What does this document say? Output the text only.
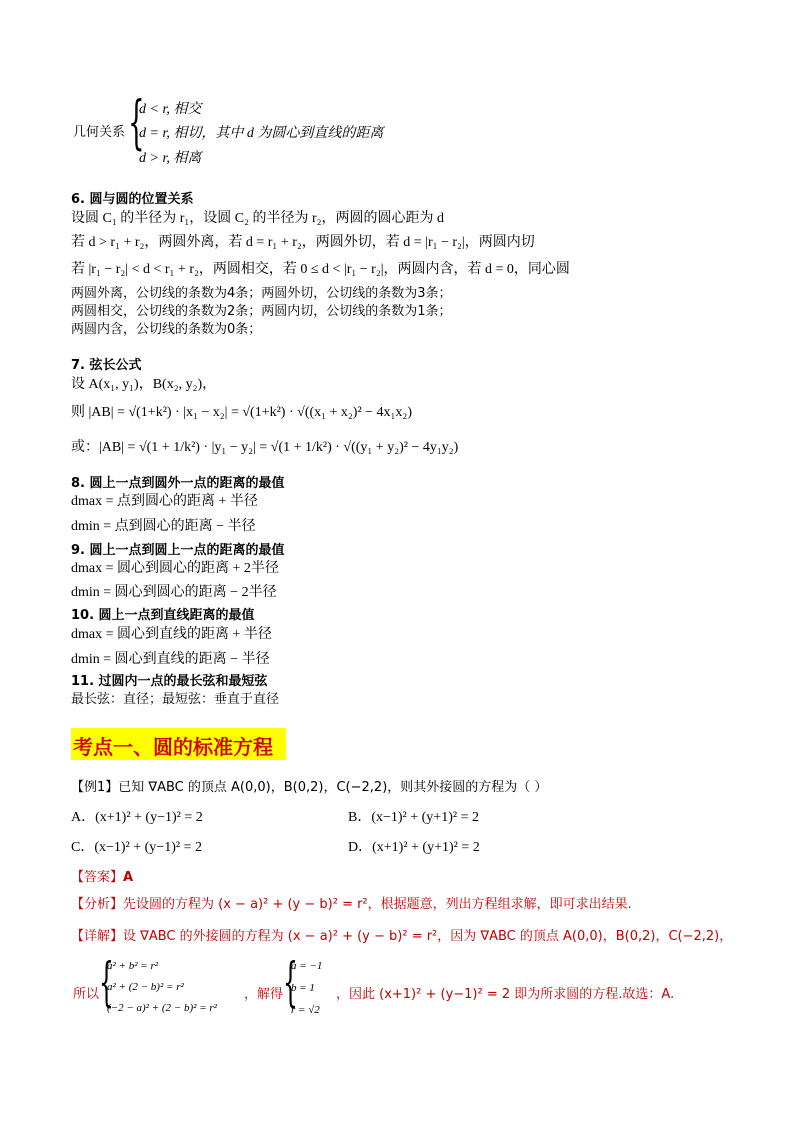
几何关系 {
d < r, 相交
d = r, 相切，其中 d 为圆心到直线的距离
d > r, 相离
6. 圆与圆的位置关系
设圆 C₁ 的半径为 r₁，设圆 C₂ 的半径为 r₂，两圆的圆心距为 d
若 d > r₁ + r₂，两圆外离，若 d = r₁ + r₂，两圆外切，若 d = |r₁ − r₂|，两圆内切
若 |r₁ − r₂| < d < r₁ + r₂，两圆相交，若 0 ≤ d < |r₁ − r₂|，两圆内含，若 d = 0，同心圆
两圆外离，公切线的条数为4条；两圆外切，公切线的条数为3条；
两圆相交，公切线的条数为2条；两圆内切，公切线的条数为1条；
两圆内含，公切线的条数为0条；
7. 弦长公式
设 A(x₁, y₁)，B(x₂, y₂)，
则 |AB| = √(1+k²) · |x₁ − x₂| = √(1+k²) · √((x₁ + x₂)² − 4x₁x₂)
或：|AB| = √(1 + 1/k²) · |y₁ − y₂| = √(1 + 1/k²) · √((y₁ + y₂)² − 4y₁y₂)
8. 圆上一点到圆外一点的距离的最值
dmax = 点到圆心的距离 + 半径
dmin = 点到圆心的距离 − 半径
9. 圆上一点到圆上一点的距离的最值
dmax = 圆心到圆心的距离 + 2半径
dmin = 圆心到圆心的距离 − 2半径
10. 圆上一点到直线距离的最值
dmax = 圆心到直线的距离 + 半径
dmin = 圆心到直线的距离 − 半径
11. 过圆内一点的最长弦和最短弦
最长弦：直径；最短弦：垂直于直径
考点一、圆的标准方程
【例1】已知 ∇ABC 的顶点 A(0,0)，B(0,2)，C(−2,2)，则其外接圆的方程为（ ）
A．(x+1)² + (y−1)² = 2	B．(x−1)² + (y+1)² = 2
C．(x−1)² + (y−1)² = 2	D．(x+1)² + (y+1)² = 2
【答案】A
【分析】先设圆的方程为 (x − a)² + (y − b)² = r²，根据题意，列出方程组求解，即可求出结果.
【详解】设 ∇ABC 的外接圆的方程为 (x − a)² + (y − b)² = r²，因为 ∇ABC 的顶点 A(0,0)，B(0,2)，C(−2,2)，
所以 {
a² + b² = r²
a² + (2 − b)² = r²
(−2 − a)² + (2 − b)² = r²
，解得 {
a = −1
b = 1
r = √2
，因此 (x+1)² + (y−1)² = 2 即为所求圆的方程.故选：A.
